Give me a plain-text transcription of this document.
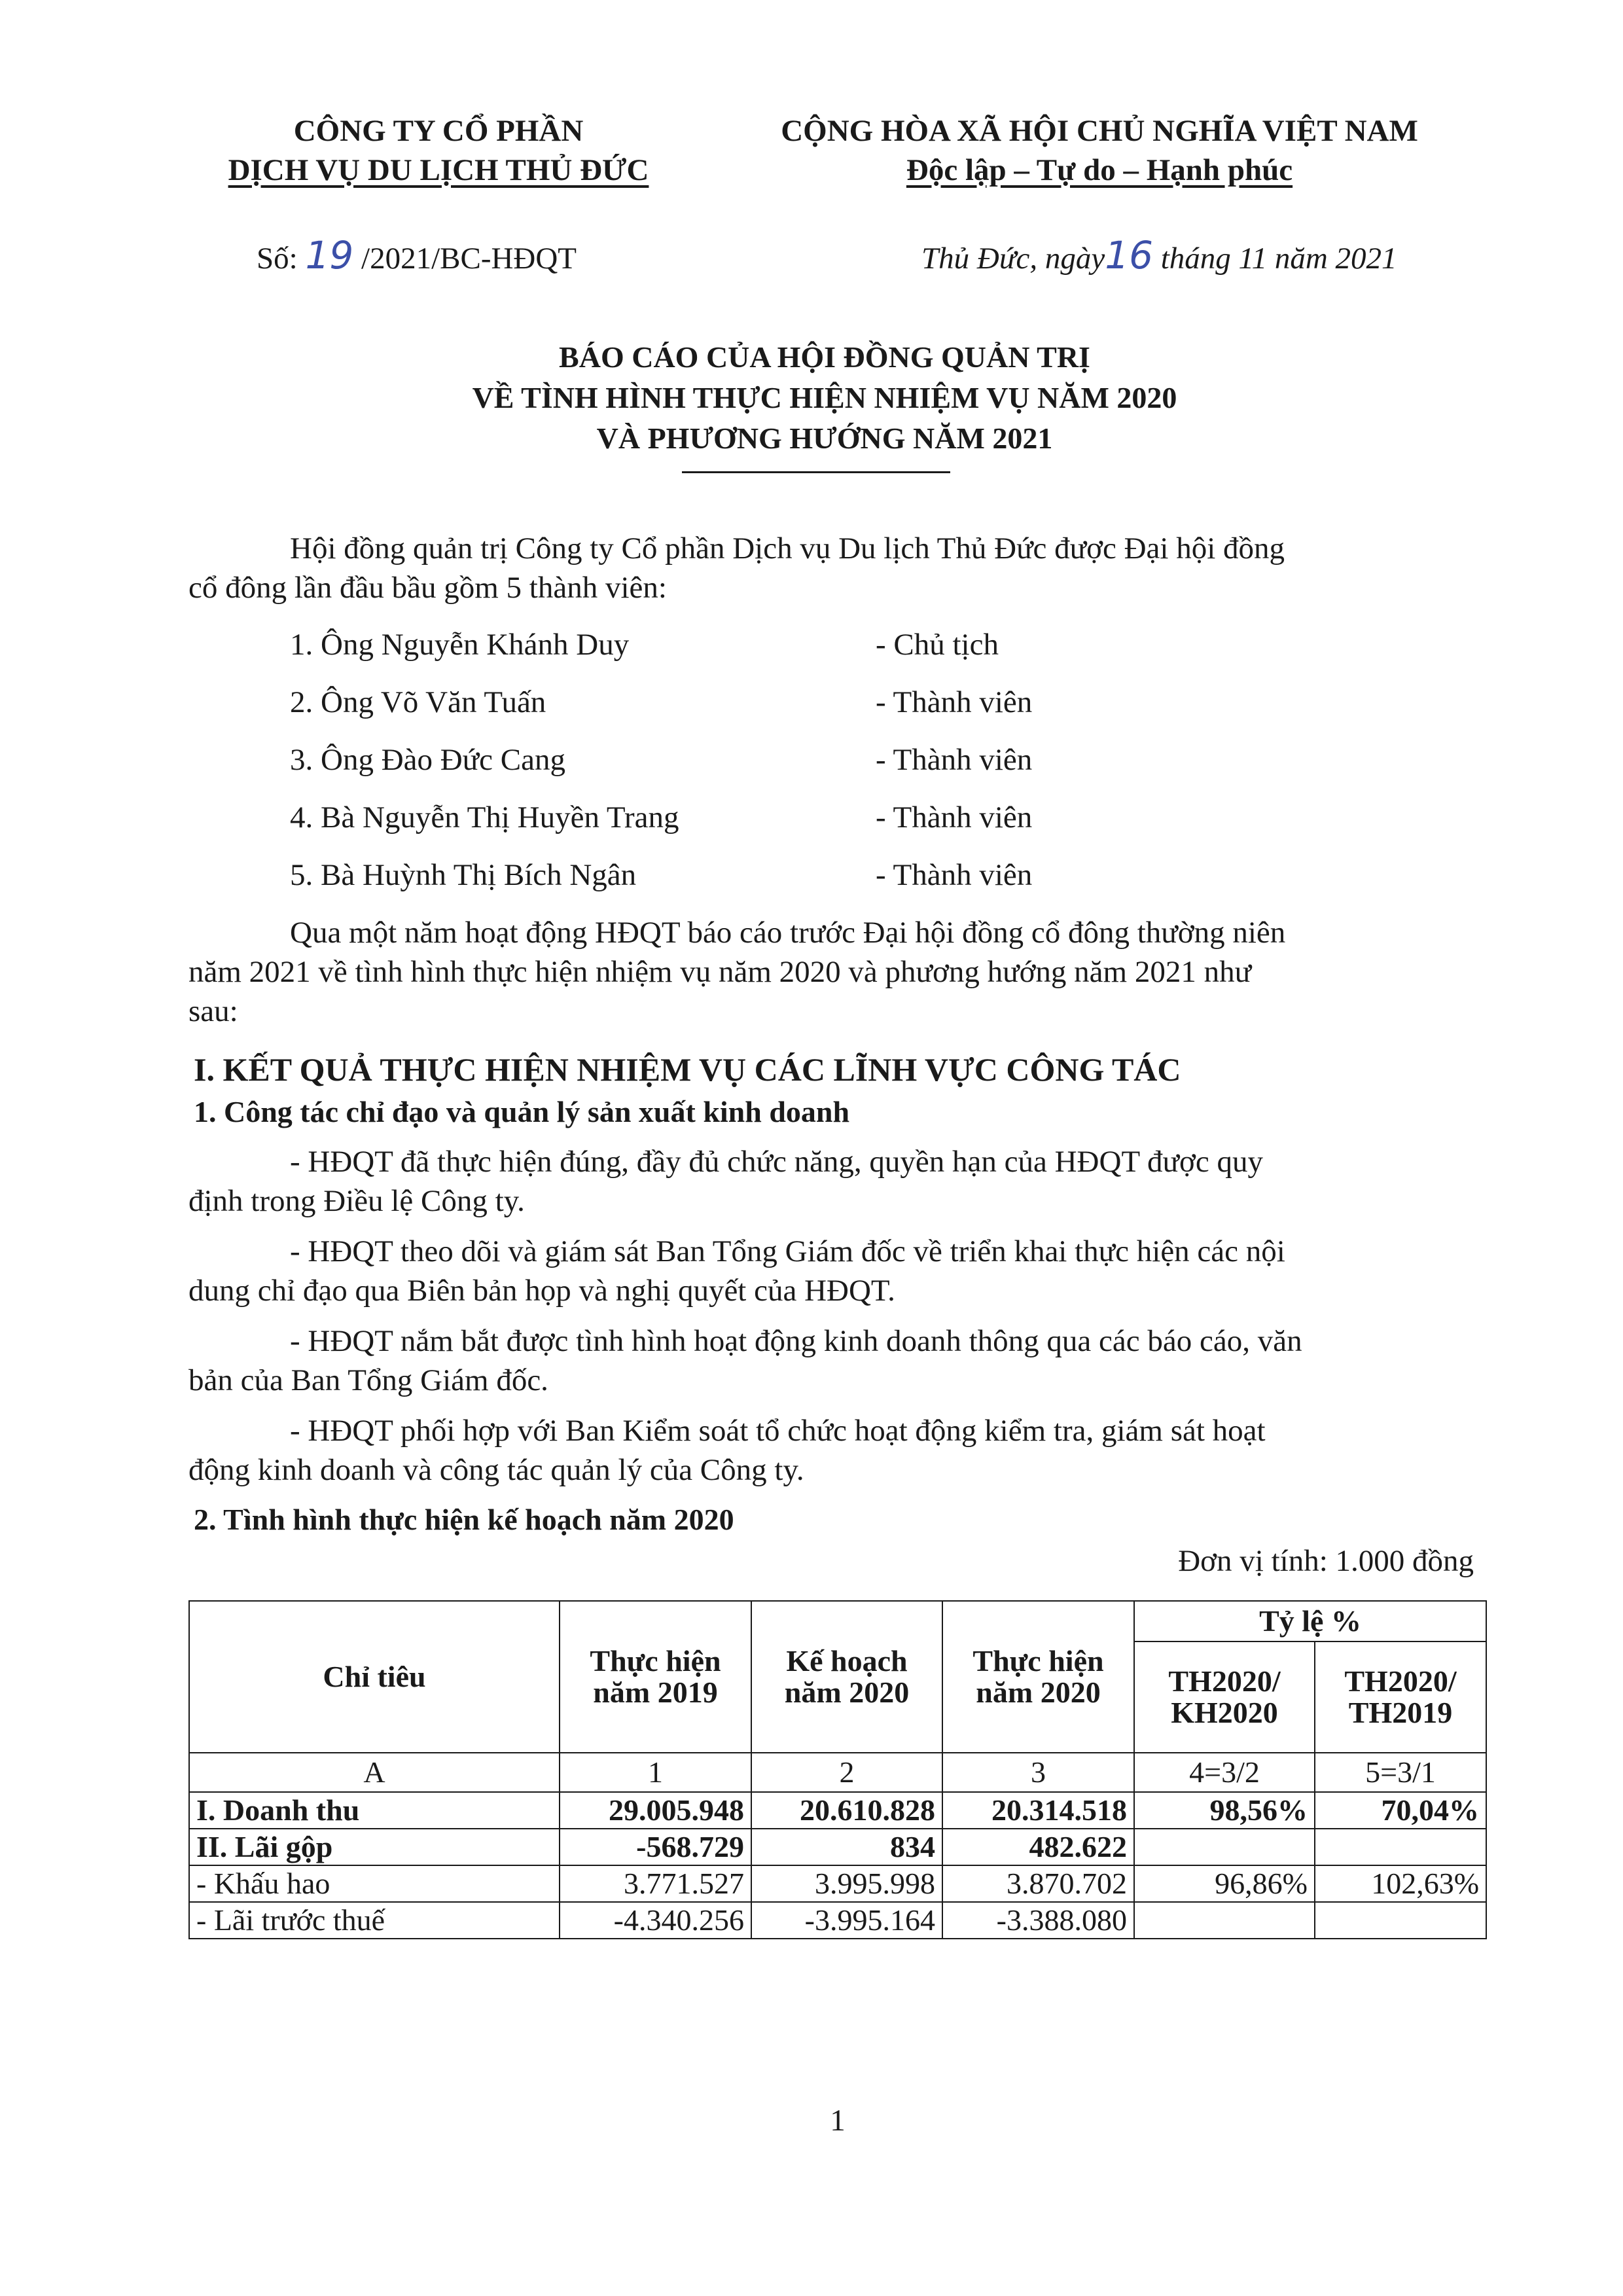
CÔNG TY CỔ PHẦN
DỊCH VỤ DU LỊCH THỦ ĐỨC
CỘNG HÒA XÃ HỘI CHỦ NGHĨA VIỆT NAM
Độc lập – Tự do – Hạnh phúc
Số: 19 /2021/BC-HĐQT	Thủ Đức, ngày16 tháng 11 năm 2021
BÁO CÁO CỦA HỘI ĐỒNG QUẢN TRỊ
VỀ TÌNH HÌNH THỰC HIỆN NHIỆM VỤ NĂM 2020
VÀ PHƯƠNG HƯỚNG NĂM 2021
Hội đồng quản trị Công ty Cổ phần Dịch vụ Du lịch Thủ Đức được Đại hội đồng
cổ đông lần đầu bầu gồm 5 thành viên:
1. Ông Nguyễn Khánh Duy	- Chủ tịch
2. Ông Võ Văn Tuấn	- Thành viên
3. Ông Đào Đức Cang	- Thành viên
4. Bà Nguyễn Thị Huyền Trang	- Thành viên
5. Bà Huỳnh Thị Bích Ngân	- Thành viên
Qua một năm hoạt động HĐQT báo cáo trước Đại hội đồng cổ đông thường niên
năm 2021 về tình hình thực hiện nhiệm vụ năm 2020 và phương hướng năm 2021 như
sau:
I. KẾT QUẢ THỰC HIỆN NHIỆM VỤ CÁC LĨNH VỰC CÔNG TÁC
1. Công tác chỉ đạo và quản lý sản xuất kinh doanh
- HĐQT đã thực hiện đúng, đầy đủ chức năng, quyền hạn của HĐQT được quy
định trong Điều lệ Công ty.
- HĐQT theo dõi và giám sát Ban Tổng Giám đốc về triển khai thực hiện các nội
dung chỉ đạo qua Biên bản họp và nghị quyết của HĐQT.
- HĐQT nắm bắt được tình hình hoạt động kinh doanh thông qua các báo cáo, văn
bản của Ban Tổng Giám đốc.
- HĐQT phối hợp với Ban Kiểm soát tổ chức hoạt động kiểm tra, giám sát hoạt
động kinh doanh và công tác quản lý của Công ty.
2. Tình hình thực hiện kế hoạch năm 2020
Đơn vị tính: 1.000 đồng
Chỉ tiêu	Thực hiện năm 2019	Kế hoạch năm 2020	Thực hiện năm 2020	Tỷ lệ %	
				TH2020/ KH2020	TH2020/ TH2019
A	1	2	3	4=3/2	5=3/1
I. Doanh thu	29.005.948	20.610.828	20.314.518	98,56%	70,04%
II. Lãi gộp	-568.729	834	482.622		
- Khấu hao	3.771.527	3.995.998	3.870.702	96,86%	102,63%
- Lãi trước thuế	-4.340.256	-3.995.164	-3.388.080		
1
